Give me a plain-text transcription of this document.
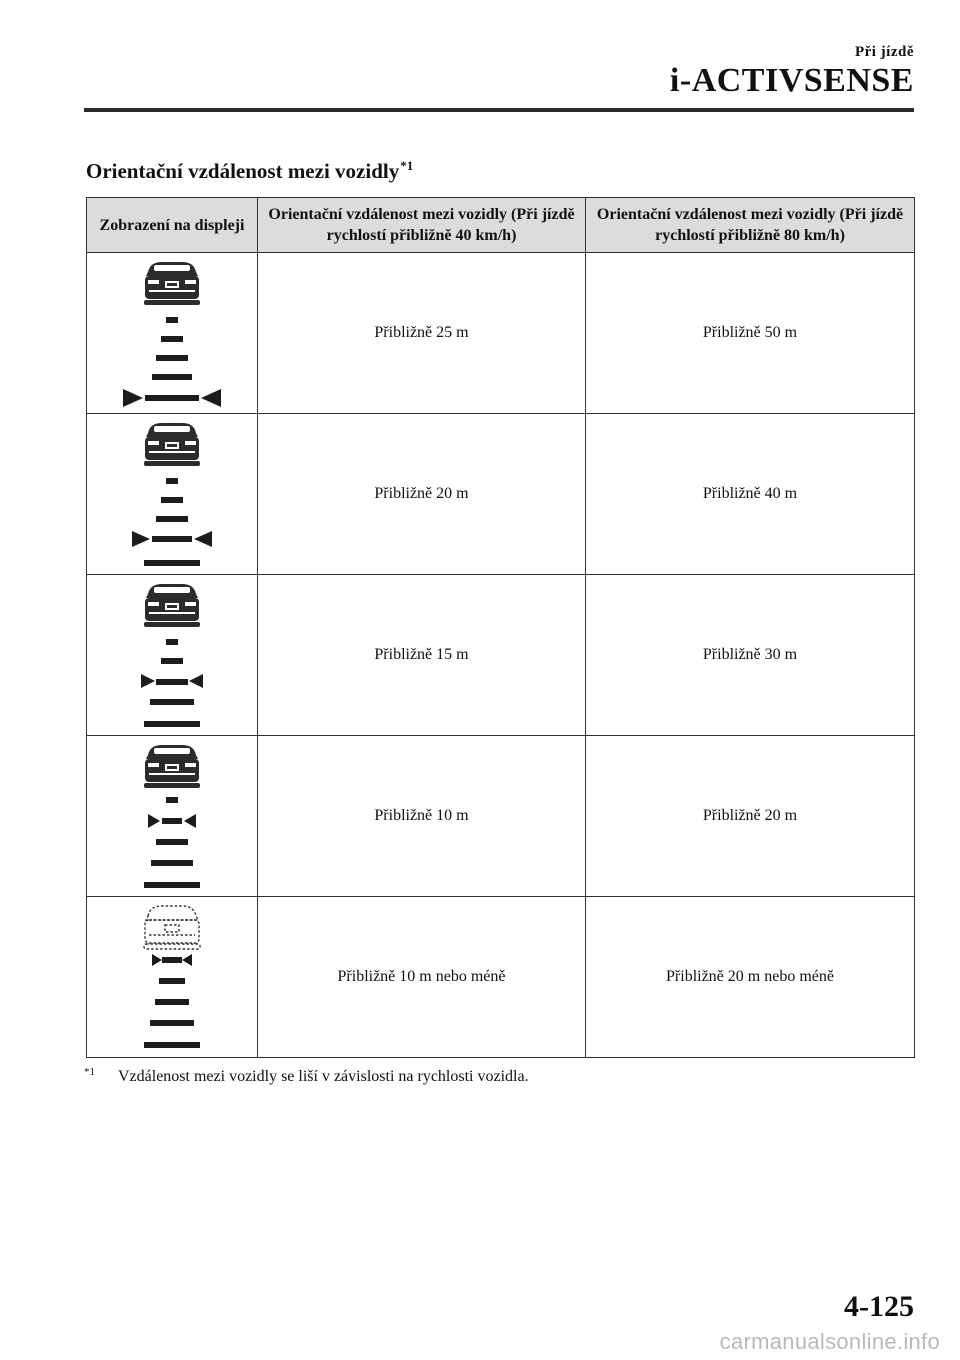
Při jízdě
i-ACTIVSENSE
Orientační vzdálenost mezi vozidly$^{*1}$
Zobrazení na displeji	Orientační vzdálenost mezi vozidly (Při jízdě rychlostí přibližně 40 km/h)	Orientační vzdálenost mezi vozidly (Při jízdě rychlostí přibližně 80 km/h)

	Přibližně 25 m	Přibližně 50 m

	Přibližně 20 m	Přibližně 40 m

	Přibližně 15 m	Přibližně 30 m

	Přibližně 10 m	Přibližně 20 m

	Přibližně 10 m nebo méně	Přibližně 20 m nebo méně
$^{*1}$ Vzdálenost mezi vozidly se liší v závislosti na rychlosti vozidla.
4-125
carmanualsonline.info
